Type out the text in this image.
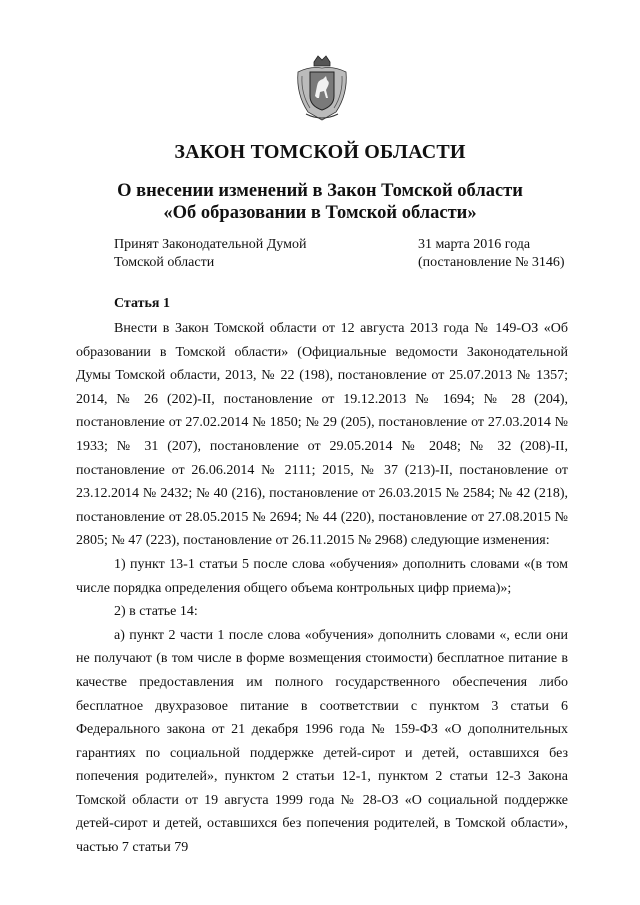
ЗАКОН ТОМСКОЙ ОБЛАСТИ
О внесении изменений в Закон Томской области
«Об образовании в Томской области»
Принят Законодательной Думой
Томской области
31 марта 2016 года
(постановление № 3146)
Статья 1

Внести в Закон Томской области от 12 августа 2013 года № 149-ОЗ «Об образовании в Томской области» (Официальные ведомости Законодательной Думы Томской области, 2013, № 22 (198), постановление от 25.07.2013 № 1357; 2014, № 26 (202)-II, постановление от 19.12.2013 № 1694; № 28 (204), постановление от 27.02.2014 № 1850; № 29 (205), постановление от 27.03.2014 № 1933; № 31 (207), постановление от 29.05.2014 № 2048; № 32 (208)-II, постановление от 26.06.2014 № 2111; 2015, № 37 (213)-II, постановление от 23.12.2014 № 2432; № 40 (216), постановление от 26.03.2015 № 2584; № 42 (218), постановление от 28.05.2015 № 2694; № 44 (220), постановление от 27.08.2015 № 2805; № 47 (223), постановление от 26.11.2015 № 2968) следующие изменения:

1) пункт 13-1 статьи 5 после слова «обучения» дополнить словами «(в том числе порядка определения общего объема контрольных цифр приема)»;

2) в статье 14:

а) пункт 2 части 1 после слова «обучения» дополнить словами «, если они не получают (в том числе в форме возмещения стоимости) бесплатное питание в качестве предоставления им полного государственного обеспечения либо бесплатное двухразовое питание в соответствии с пунктом 3 статьи 6 Федерального закона от 21 декабря 1996 года № 159-ФЗ «О дополнительных гарантиях по социальной поддержке детей-сирот и детей, оставшихся без попечения родителей», пунктом 2 статьи 12-1, пунктом 2 статьи 12-3 Закона Томской области от 19 августа 1999 года № 28-ОЗ «О социальной поддержке детей-сирот и детей, оставшихся без попечения родителей, в Томской области», частью 7 статьи 79
